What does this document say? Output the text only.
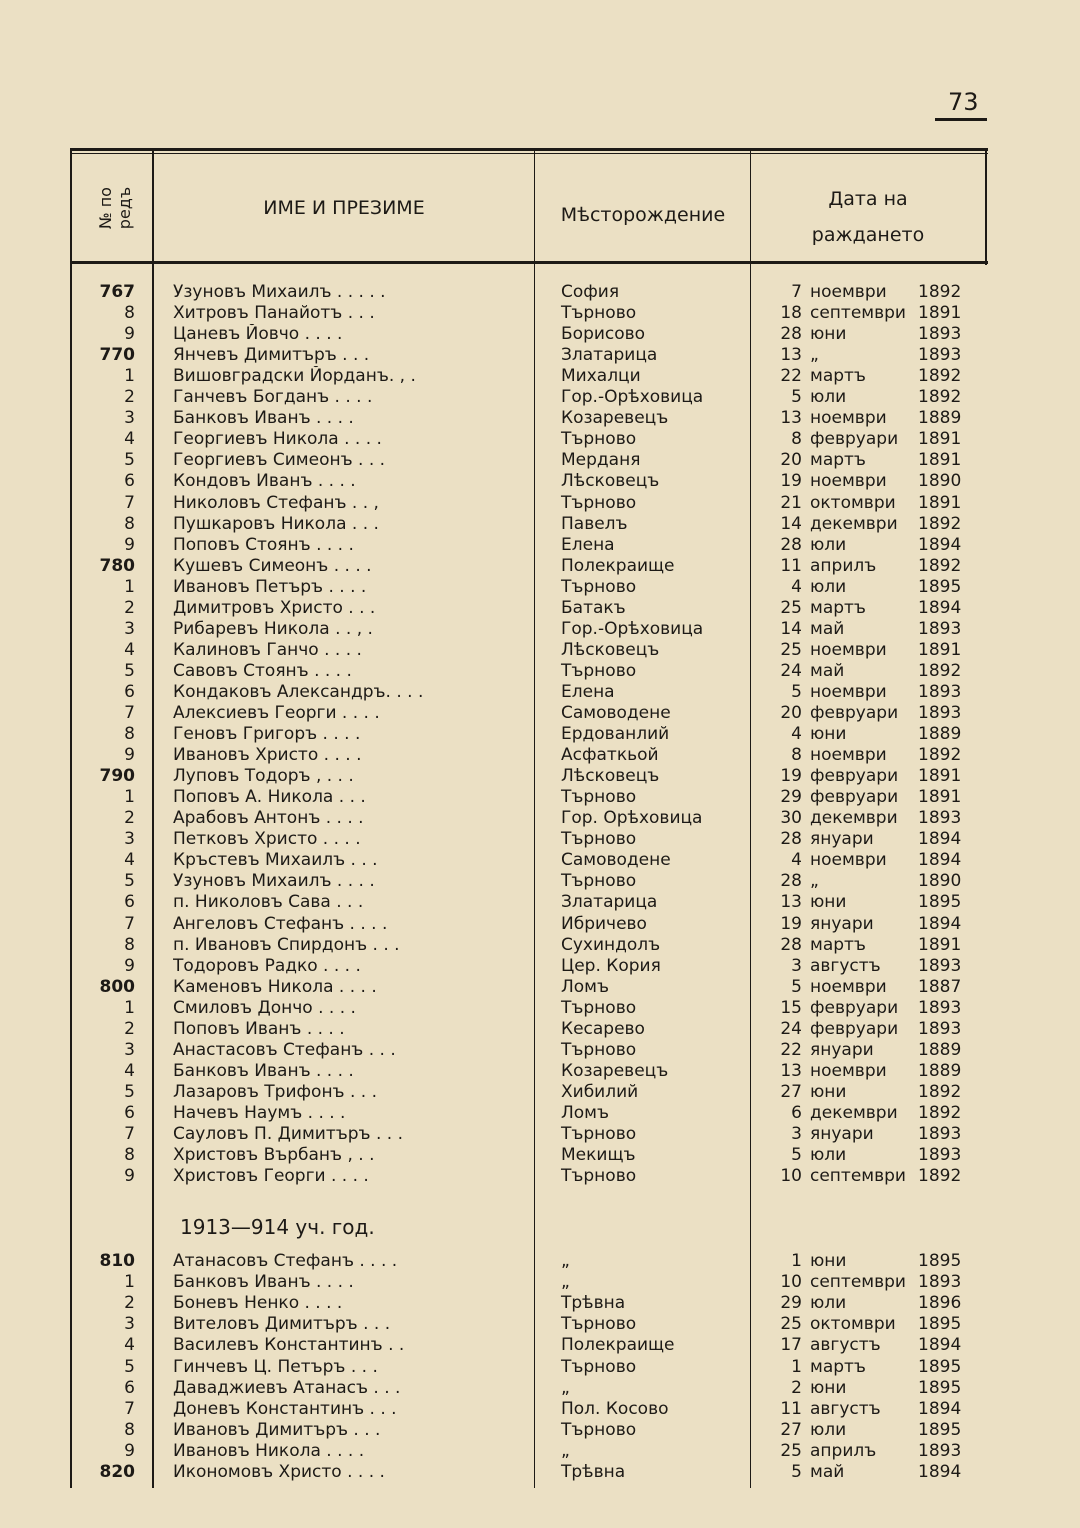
73
№ по редъ	ИМЕ И ПРЕЗИМЕ	Мѣсторождение
Дата на
раждането
767 Узуновъ Михаилъ . . . . .	София	7 ноември 1892
8 Хитровъ Панайотъ . . .	Търново	18 септември 1891
9 Цаневъ Йовчо . . . .	Борисово	28 юни	1893
770 Янчевъ Димитъръ . . .	Златарица	13 „	1893
1 Вишовградски Йорданъ. , .	Михалци	22 мартъ	1892
2 Ганчевъ Богданъ . . . .	Гор.-Орѣховица	5 юли	1892
3 Банковъ Иванъ . . . .	Козаревецъ	13 ноември 1889
4 Георгиевъ Никола . . . .	Търново	8 февруари 1891
5 Георгиевъ Симеонъ . . .	Мерданя	20 мартъ	1891
6 Кондовъ Иванъ . . . .	Лѣсковецъ	19 ноември 1890
7 Николовъ Стефанъ . . ,	Търново	21 октомври 1891
8 Пушкаровъ Никола . . .	Павелъ	14 декември 1892
9 Поповъ Стоянъ . . . .	Елена	28 юли	1894
780 Кушевъ Симеонъ . . . .	Полекраище	11 априлъ 1892
1 Ивановъ Петъръ . . . .	Търново	4 юли	1895
2 Димитровъ Христо . . .	Батакъ	25 мартъ	1894
3 Рибаревъ Никола . . , .	Гор.-Орѣховица	14 май	1893
4 Калиновъ Ганчо . . . .	Лѣсковецъ	25 ноември 1891
5 Савовъ Стоянъ . . . .	Търново	24 май	1892
6 Кондаковъ Александръ. . . .	Елена	5 ноември 1893
7 Алексиевъ Георги . . . .	Самоводене	20 февруари 1893
8 Геновъ Григоръ . . . .	Ердованлий	4 юни	1889
9 Ивановъ Христо . . . .	Асфаткьой	8 ноември 1892
790 Луповъ Тодоръ , . . .	Лѣсковецъ	19 февруари 1891
1 Поповъ А. Никола . . .	Търново	29 февруари 1891
2 Арабовъ Антонъ . . . .	Гор. Орѣховица	30 декември 1893
3 Петковъ Христо . . . .	Търново	28 януари	1894
4 Кръстевъ Михаилъ . . .	Самоводене	4 ноември 1894
5 Узуновъ Михаилъ . . . .	Търново	28 „	1890
6 п. Николовъ Сава . . .	Златарица	13 юни	1895
7 Ангеловъ Стефанъ . . . .	Ибричево	19 януари	1894
8 п. Ивановъ Спирдонъ . . .	Сухиндолъ	28 мартъ	1891
9 Тодоровъ Радко . . . .	Цер. Кория	3 августъ 1893
800 Каменовъ Никола . . . .	Ломъ	5 ноември 1887
1 Смиловъ Дончо . . . .	Търново	15 февруари 1893
2 Поповъ Иванъ . . . .	Кесарево	24 февруари 1893
3 Анастасовъ Стефанъ . . .	Търново	22 януари	1889
4 Банковъ Иванъ . . . .	Козаревецъ	13 ноември 1889
5 Лазаровъ Трифонъ . . .	Хибилий	27 юни	1892
6 Начевъ Наумъ . . . .	Ломъ	6 декември 1892
7 Сауловъ П. Димитъръ . . .	Търново	3 януари	1893
8 Христовъ Върбанъ , . .	Мекищъ	5 юли	1893
9 Христовъ Георги . . . .	Търново	10 септември 1892
1913—914 уч. год.
810 Атанасовъ Стефанъ . . . .	„	1 юни	1895
1 Банковъ Иванъ . . . .	„	10 септември 1893
2 Боневъ Ненко . . . .	Трѣвна	29 юли	1896
3 Вителовъ Димитъръ . . .	Търново	25 октомври 1895
4 Василевъ Константинъ . .	Полекраище	17 августъ 1894
5 Гинчевъ Ц. Петъръ . . .	Търново	1 мартъ	1895
6 Даваджиевъ Атанасъ . . .	„	2 юни	1895
7 Доневъ Константинъ . . .	Пол. Косово	11 августъ 1894
8 Ивановъ Димитъръ . . .	Търново	27 юли	1895
9 Ивановъ Никола . . . .	„	25 априлъ 1893
820 Икономовъ Христо . . . .	Трѣвна	5 май	1894
